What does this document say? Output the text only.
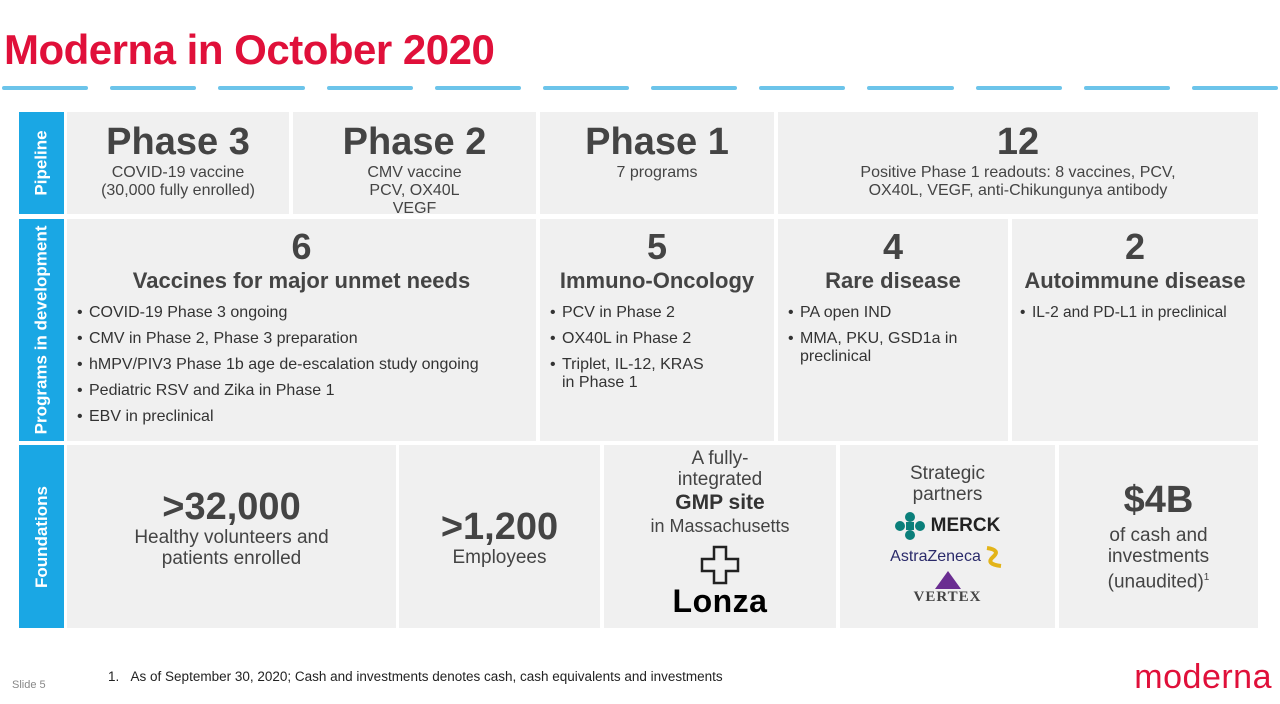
Moderna in October 2020
Pipeline
Programs in development
Foundations
Phase 3
COVID-19 vaccine
(30,000 fully enrolled)
Phase 2
CMV vaccine
PCV, OX40L
VEGF
Phase 1
7 programs
12
Positive Phase 1 readouts: 8 vaccines, PCV,
OX40L, VEGF, anti-Chikungunya antibody
6
Vaccines for major unmet needs
• COVID-19 Phase 3 ongoing
• CMV in Phase 2, Phase 3 preparation
• hMPV/PIV3 Phase 1b age de-escalation study ongoing
• Pediatric RSV and Zika in Phase 1
• EBV in preclinical
5
Immuno-Oncology
• PCV in Phase 2
• OX40L in Phase 2
• Triplet, IL-12, KRAS in Phase 1
4
Rare disease
• PA open IND
• MMA, PKU, GSD1a in preclinical
2
Autoimmune disease
• IL-2 and PD-L1 in preclinical
>32,000
Healthy volunteers and
patients enrolled
>1,200
Employees
A fully-
integrated
GMP site
in Massachusetts
Lonza
Strategic
partners
MERCK
AstraZeneca
VERTEX
$4B
of cash and
investments
(unaudited)$^1$
Slide 5
1. As of September 30, 2020; Cash and investments denotes cash, cash equivalents and investments	moderna
